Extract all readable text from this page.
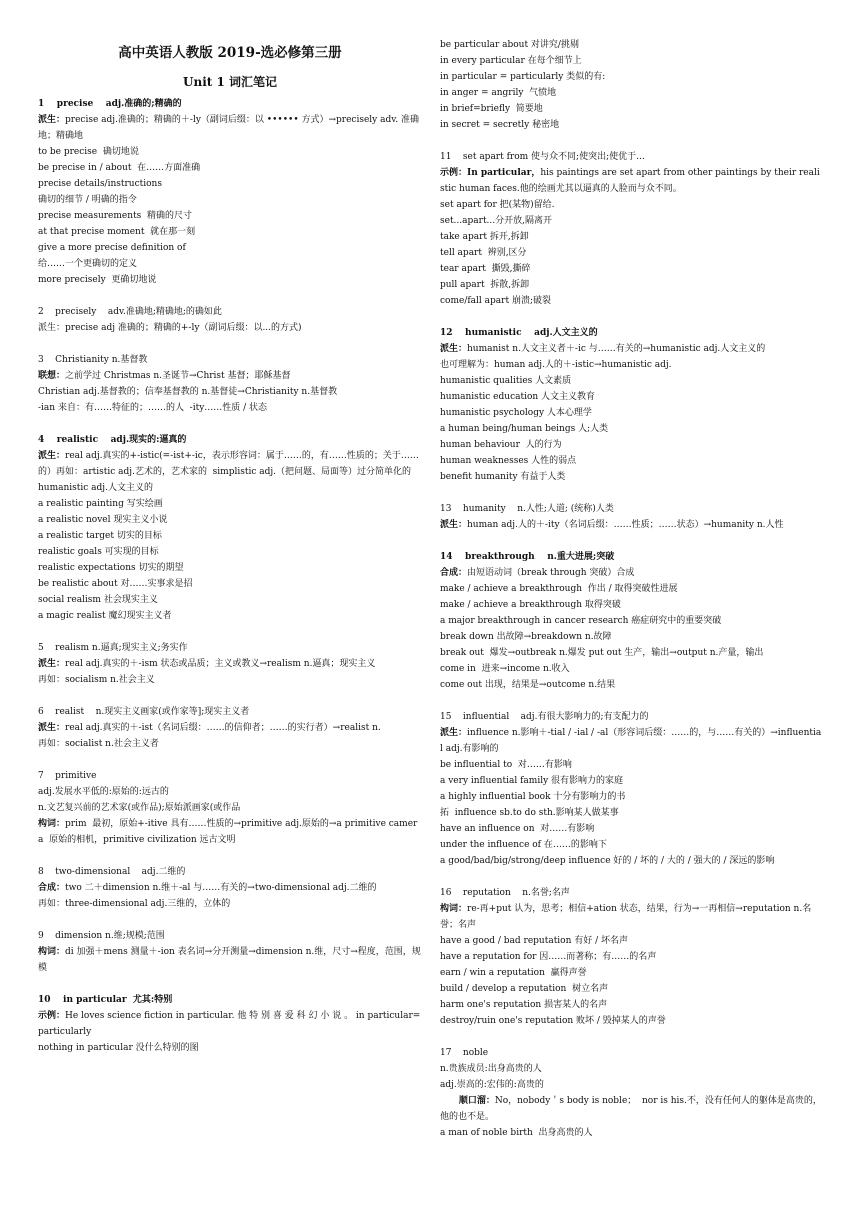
高中英语人教版 2019-选必修第三册

Unit 1 词汇笔记

1    precise    adj.准确的;精确的

派生：precise adj.准确的；精确的＋-ly（副词后缀：以 •••••• 方式）→precisely adv. 准确地；精确地

to be precise  确切地说

be precise in / about  在……方面准确

precise details/instructions

确切的细节 / 明确的指令

precise measurements  精确的尺寸

at that precise moment  就在那一刻

give a more precise definition of

给……一个更确切的定义

more precisely  更确切地说

2    precisely    adv.准确地;精确地;的确如此

派生：precise adj 准确的；精确的+-ly（副词后缀：以...的方式)

3    Christianity n.基督教

联想：之前学过 Christmas n.圣诞节→Christ 基督；耶稣基督

Christian adj.基督教的；信奉基督教的 n.基督徒→Christianity n.基督教

-ian 来自：有……特征的；……的人  -ity……性质 / 状态

4    realistic    adj.现实的:逼真的

派生：real adj.真实的+-istic(=-ist+-ic，表示形容词：属于……的，有……性质的；关于……的）再如：artistic adj.艺术的，艺术家的  simplistic adj.（把问题、局面等）过分简单化的

humanistic adj.人文主义的

a realistic painting 写实绘画

a realistic novel 现实主义小说

a realistic target 切实的目标

realistic goals 可实现的目标

realistic expectations 切实的期望

be realistic about 对……实事求是招

social realism 社会现实主义

a magic realist 魔幻现实主义者

5    realism n.逼真;现实主义;务实作

派生：real adj.真实的＋-ism 状态或品质；主义或教义→realism n.逼真；现实主义

再如：socialism n.社会主义

6    realist    n.现实主义画家(或作家等];现实主义者

派生：real adj.真实的＋-ist（名词后缀：……的信仰者；……的实行者）→realist n.

再如：socialist n.社会主义者

7    primitive

adj.发展水平低的:原始的:远古的

n.文艺复兴前的艺术家(或作品);原始派画家(或作品

构词：prim  最初，原始+-itive 具有……性质的→primitive adj.原始的→a primitive camera  原始的相机，primitive civilization 远古文明

8    two-dimensional    adj.二维的

合成：two 二＋dimension n.维＋-al 与……有关的→two-dimensional adj.二维的

再如：three-dimensional adj.三维的，立体的

9    dimension n.维;规模;范围

构词：di 加强＋mens 测量＋-ion 表名词→分开测量→dimension n.维，尺寸→程度，范围，规模

10    in particular  尤其:特别

示例：He loves science fiction in particular. 他 特 别 喜 爱 科 幻 小 说 。 in particular=particularly

nothing in particular 没什么特别的图

be particular about 对讲究/挑剔

in every particular 在每个细节上

in particular = particularly 类似的有:

in anger = angrily  气愤地

in brief=briefly  简要地

in secret = secretly 秘密地

11    set apart from 使与众不同;使突出;使优于...

示例：In particular，his paintings are set apart from other paintings by their realistic human faces.他的绘画尤其以逼真的人脸而与众不同。

set apart for 把(某物)留给.

set...apart...分开放,隔离开

take apart 拆开,拆卸

tell apart  辨别,区分

tear apart  撕毁,撕碎

pull apart  拆散,拆卸

come/fall apart 崩溃;破裂

12    humanistic    adj.人文主义的

派生：humanist n.人文主义者＋-ic 与……有关的→humanistic adj.人文主义的

也可理解为：human adj.人的＋-istic→humanistic adj.

humanistic qualities 人文素质

humanistic education 人文主义教育

humanistic psychology 人本心理学

a human being/human beings 人;人类

human behaviour  人的行为

human weaknesses 人性的弱点

benefit humanity 有益于人类

13    humanity    n.人性;人道; (统称)人类

派生：human adj.人的＋-ity（名词后缀：……性质；……状态）→humanity n.人性

14    breakthrough    n.重大进展;突破

合成：由短语动词（break through 突破）合成

make / achieve a breakthrough  作出 / 取得突破性进展

make / achieve a breakthrough 取得突破

a major breakthrough in cancer research 癌症研究中的重要突破

break down 出故障→breakdown n.故障

break out  爆发→outbreak n.爆发 put out 生产，输出→output n.产量，输出

come in  进来→income n.收入

come out 出现，结果是→outcome n.结果

15    influential    adj.有很大影响力的;有支配力的

派生：influence n.影响＋-tial / -ial / -al（形容词后缀：……的，与……有关的）→influential adj.有影响的

be influential to  对……有影响

a very influential family 很有影响力的家庭

a highly influential book 十分有影响力的书

拓  influence sb.to do sth.影响某人做某事

have an influence on  对……有影响

under the influence of 在……的影响下

a good/bad/big/strong/deep influence 好的 / 坏的 / 大的 / 强大的 / 深远的影响

16    reputation    n.名誉;名声

构词：re-再+put 认为，思考；相信+ation 状态，结果，行为→一再相信→reputation n.名誉；名声

have a good / bad reputation 有好 / 坏名声

have a reputation for 因……而著称；有……的名声

earn / win a reputation  赢得声誉

build / develop a reputation  树立名声

harm one's reputation 损害某人的名声

destroy/ruin one's reputation 败坏 / 毁掉某人的声誉

17    noble

n.贵族成员:出身高贵的人

adj.崇高的:宏伟的:高贵的

顺口溜：No，nobody＇s body is noble；  nor is his.不，没有任何人的躯体是高贵的，他的也不是。

a man of noble birth  出身高贵的人
